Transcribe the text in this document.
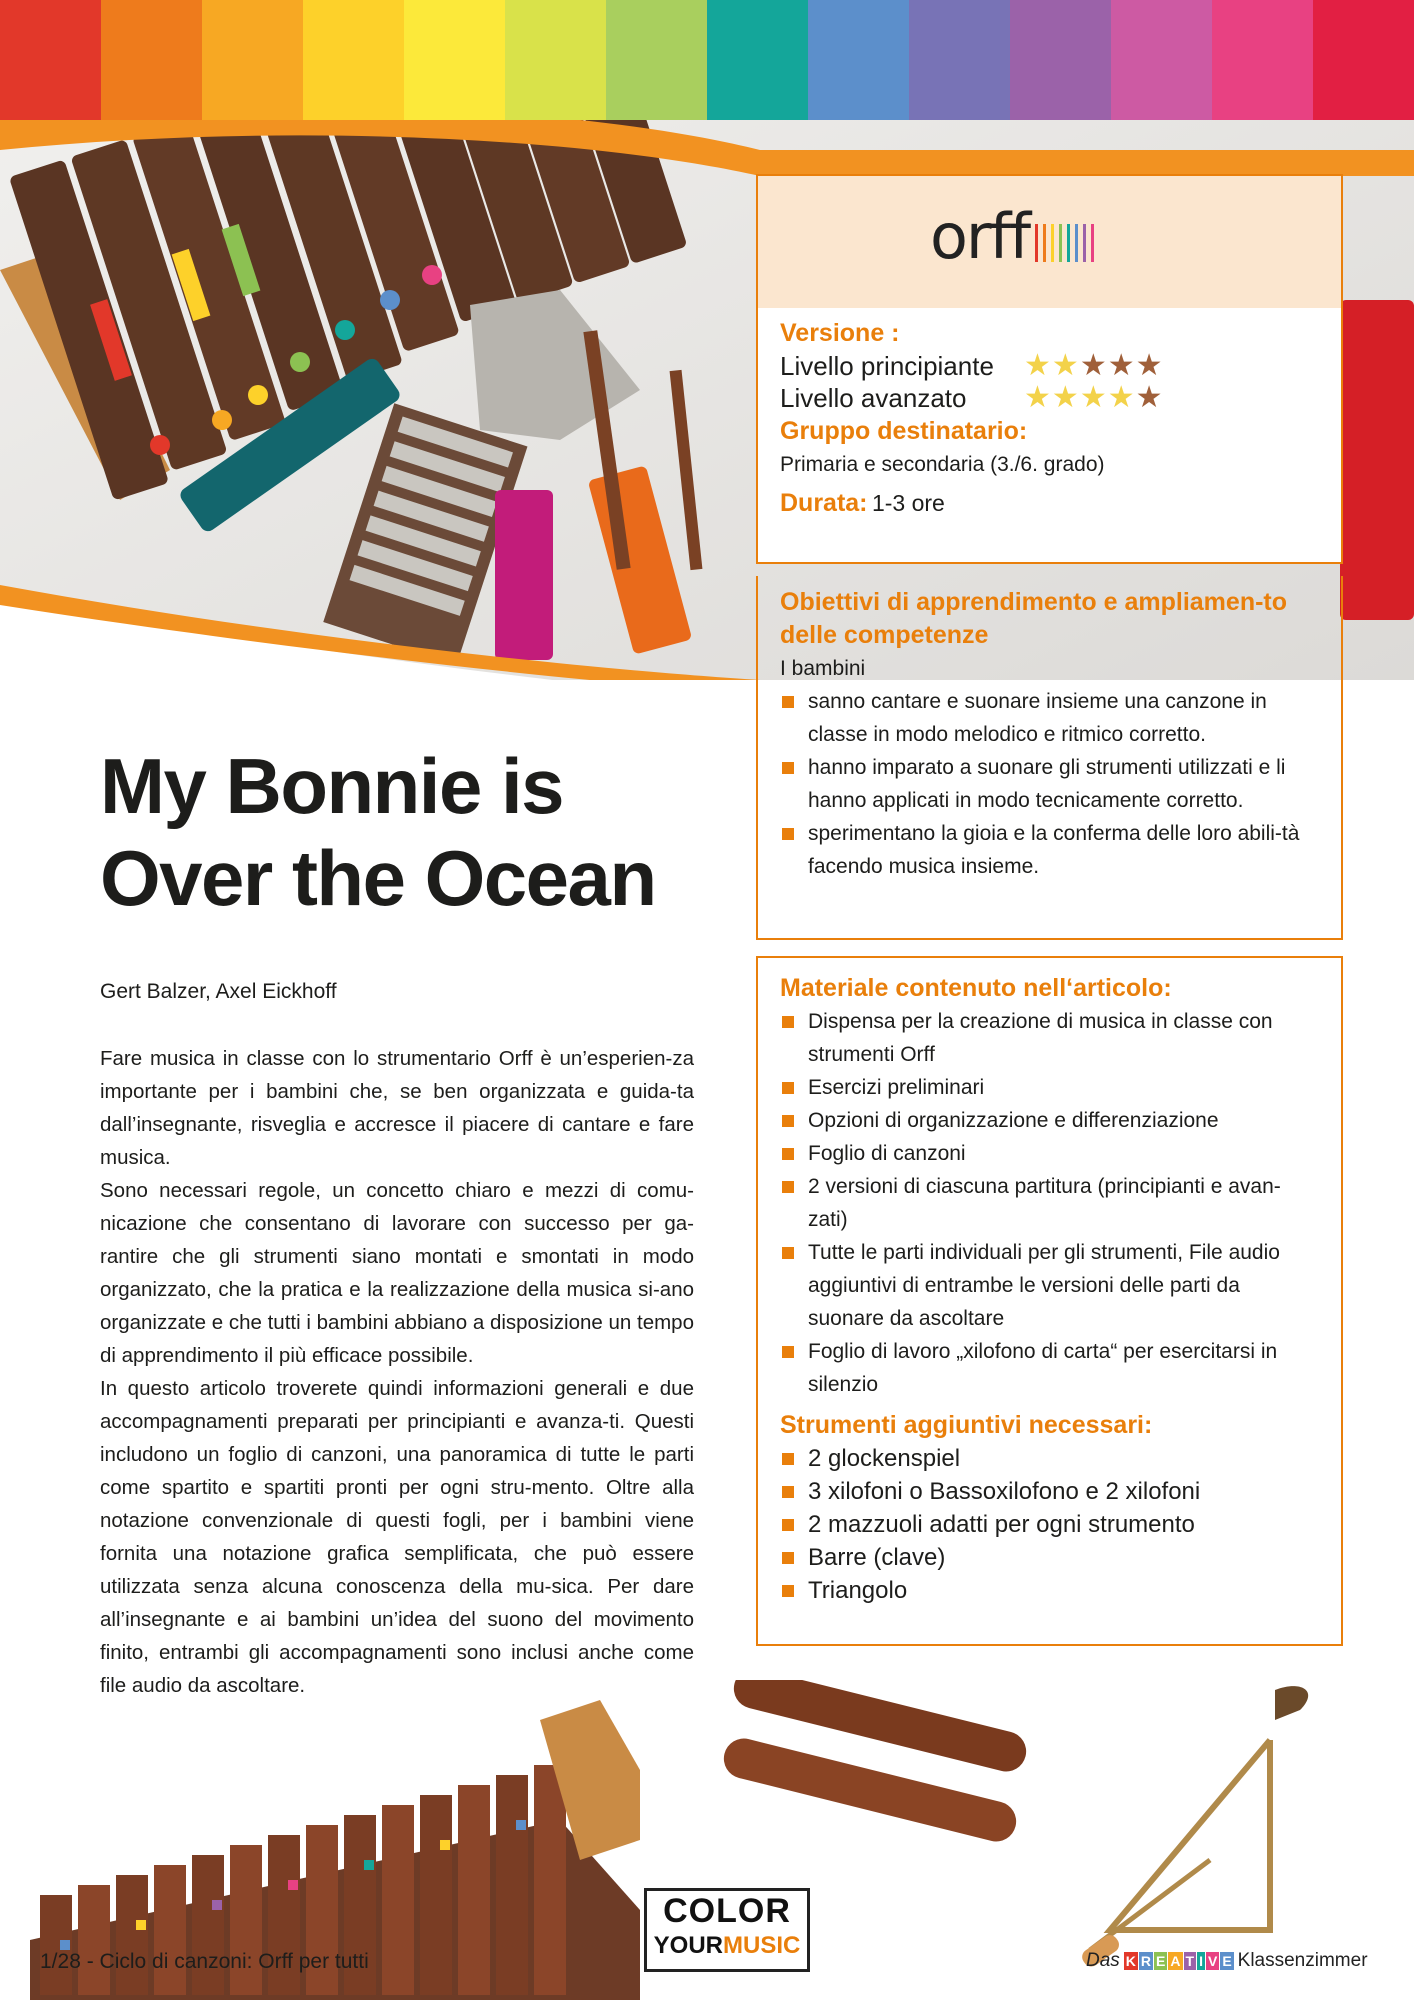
orff

Versione :

Livello principiante	★ ★ ★ ★ ★
Livello avanzato	★ ★ ★ ★ ★

Gruppo destinatario:

Primaria e secondaria (3./6. grado)
Durata: 1-3 ore

Obiettivi di apprendimento e ampliamen-to delle competenze

I bambini
sanno cantare e suonare insieme una canzone in classe in modo melodico e ritmico corretto.
hanno imparato a suonare gli strumenti utilizzati e li hanno applicati in modo tecnicamente corretto.
sperimentano la gioia e la conferma delle loro abili-tà facendo musica insieme.

Materiale contenuto nell‘articolo:

Dispensa per la creazione di musica in classe con strumenti Orff
Esercizi preliminari
Opzioni di organizzazione e differenziazione
Foglio di canzoni
2 versioni di ciascuna partitura (principianti e avan-zati)
Tutte le parti individuali per gli strumenti, File audio aggiuntivi di entrambe le versioni delle parti da suonare da ascoltare
Foglio di lavoro „xilofono di carta“ per esercitarsi in silenzio

Strumenti aggiuntivi necessari:

2 glockenspiel
3 xilofoni o Bassoxilofono e 2 xilofoni
2 mazzuoli adatti per ogni strumento
Barre (clave)
Triangolo
My Bonnie is Over the Ocean
Gert Balzer, Axel Eickhoff

Fare musica in classe con lo strumentario Orff è un’esperien-za importante per i bambini che, se ben organizzata e guida-ta dall’insegnante, risveglia e accresce il piacere di cantare e fare musica.

Sono necessari regole, un concetto chiaro e mezzi di comu-nicazione che consentano di lavorare con successo per ga-rantire che gli strumenti siano montati e smontati in modo organizzato, che la pratica e la realizzazione della musica si-ano organizzate e che tutti i bambini abbiano a disposizione un tempo di apprendimento il più efficace possibile.

In questo articolo troverete quindi informazioni generali e due accompagnamenti preparati per principianti e avanza-ti. Questi includono un foglio di canzoni, una panoramica di tutte le parti come spartito e spartiti pronti per ogni stru-mento. Oltre alla notazione convenzionale di questi fogli, per i bambini viene fornita una notazione grafica semplificata, che può essere utilizzata senza alcuna conoscenza della mu-sica. Per dare all’insegnante e ai bambini un’idea del suono del movimento finito, entrambi gli accompagnamenti sono inclusi anche come file audio da ascoltare.

COLOR
YOURMUSIC
1/28 - Ciclo di canzoni: Orff per tutti	Das K R E A T I V E Klassenzimmer
